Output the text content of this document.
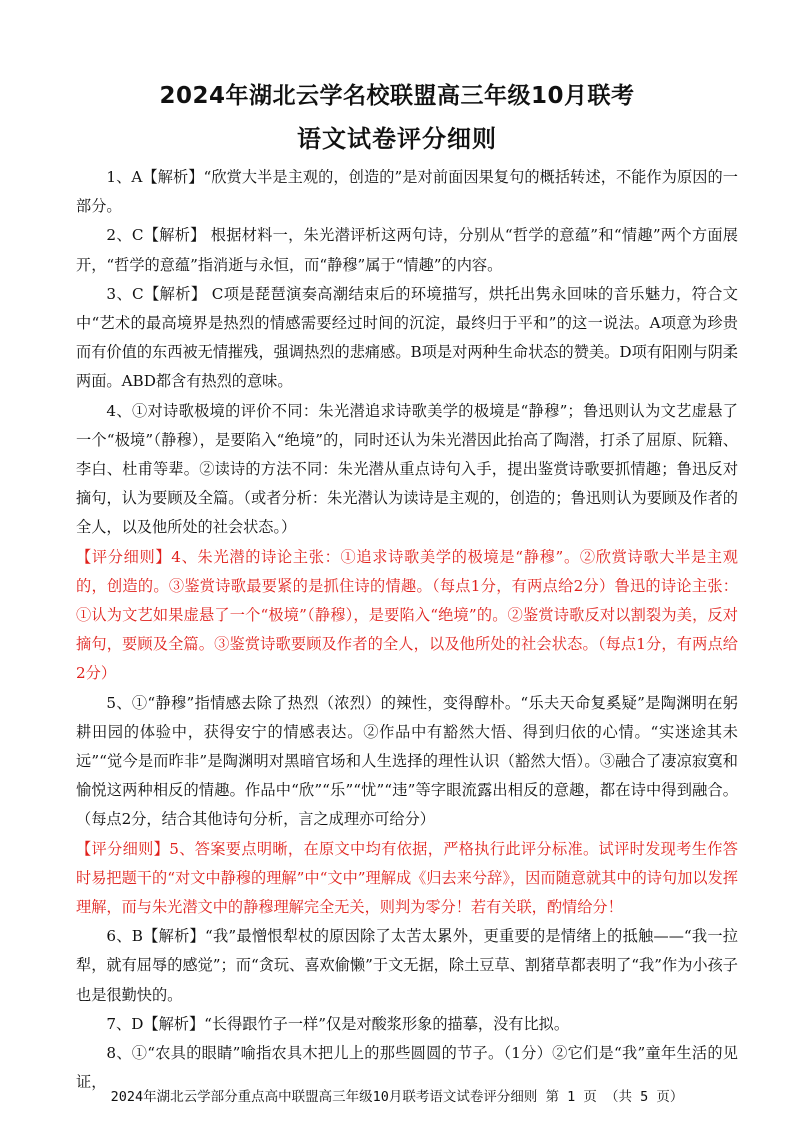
2024年湖北云学名校联盟高三年级10月联考
语文试卷评分细则

1、A【解析】“欣赏大半是主观的，创造的”是对前面因果复句的概括转述，不能作为原因的一部分。

2、C【解析】 根据材料一，朱光潜评析这两句诗，分别从“哲学的意蕴”和“情趣”两个方面展开，“哲学的意蕴”指消逝与永恒，而“静穆”属于“情趣”的内容。

3、C【解析】 C项是琵琶演奏高潮结束后的环境描写，烘托出隽永回味的音乐魅力，符合文中“艺术的最高境界是热烈的情感需要经过时间的沉淀，最终归于平和”的这一说法。A项意为珍贵而有价值的东西被无情摧残，强调热烈的悲痛感。B项是对两种生命状态的赞美。D项有阳刚与阴柔两面。ABD都含有热烈的意味。

4、①对诗歌极境的评价不同：朱光潜追求诗歌美学的极境是“静穆”；鲁迅则认为文艺虚悬了一个“极境”（静穆），是要陷入“绝境”的，同时还认为朱光潜因此抬高了陶潜，打杀了屈原、阮籍、李白、杜甫等辈。②读诗的方法不同：朱光潜从重点诗句入手，提出鉴赏诗歌要抓情趣；鲁迅反对摘句，认为要顾及全篇。（或者分析：朱光潜认为读诗是主观的，创造的；鲁迅则认为要顾及作者的全人，以及他所处的社会状态。）

【评分细则】4、朱光潜的诗论主张：①追求诗歌美学的极境是“静穆”。②欣赏诗歌大半是主观的，创造的。③鉴赏诗歌最要紧的是抓住诗的情趣。（每点1分，有两点给2分）鲁迅的诗论主张：①认为文艺如果虚悬了一个“极境”（静穆），是要陷入“绝境”的。②鉴赏诗歌反对以割裂为美，反对摘句，要顾及全篇。③鉴赏诗歌要顾及作者的全人，以及他所处的社会状态。（每点1分，有两点给2分）

5、①“静穆”指情感去除了热烈（浓烈）的辣性，变得醇朴。“乐夫天命复奚疑”是陶渊明在躬耕田园的体验中，获得安宁的情感表达。②作品中有豁然大悟、得到归依的心情。“实迷途其未远”“觉今是而昨非”是陶渊明对黑暗官场和人生选择的理性认识（豁然大悟）。③融合了凄凉寂寞和愉悦这两种相反的情趣。作品中“欣”“乐”“忧”“违”等字眼流露出相反的意趣，都在诗中得到融合。（每点2分，结合其他诗句分析，言之成理亦可给分）

【评分细则】5、答案要点明晰，在原文中均有依据，严格执行此评分标准。试评时发现考生作答时易把题干的“对文中静穆的理解”中“文中”理解成《归去来兮辞》，因而随意就其中的诗句加以发挥理解，而与朱光潜文中的静穆理解完全无关，则判为零分！若有关联，酌情给分！

6、B【解析】“我”最憎恨犁杖的原因除了太苦太累外，更重要的是情绪上的抵触——“我一拉犁，就有屈辱的感觉”；而“贪玩、喜欢偷懒”于文无据，除土豆草、割猪草都表明了“我”作为小孩子也是很勤快的。

7、D【解析】“长得跟竹子一样”仅是对酸浆形象的描摹，没有比拟。

8、①“农具的眼睛”喻指农具木把儿上的那些圆圆的节子。（1分）②它们是“我”童年生活的见证，

2024年湖北云学部分重点高中联盟高三年级10月联考语文试卷评分细则 第 1 页 （共 5 页）
